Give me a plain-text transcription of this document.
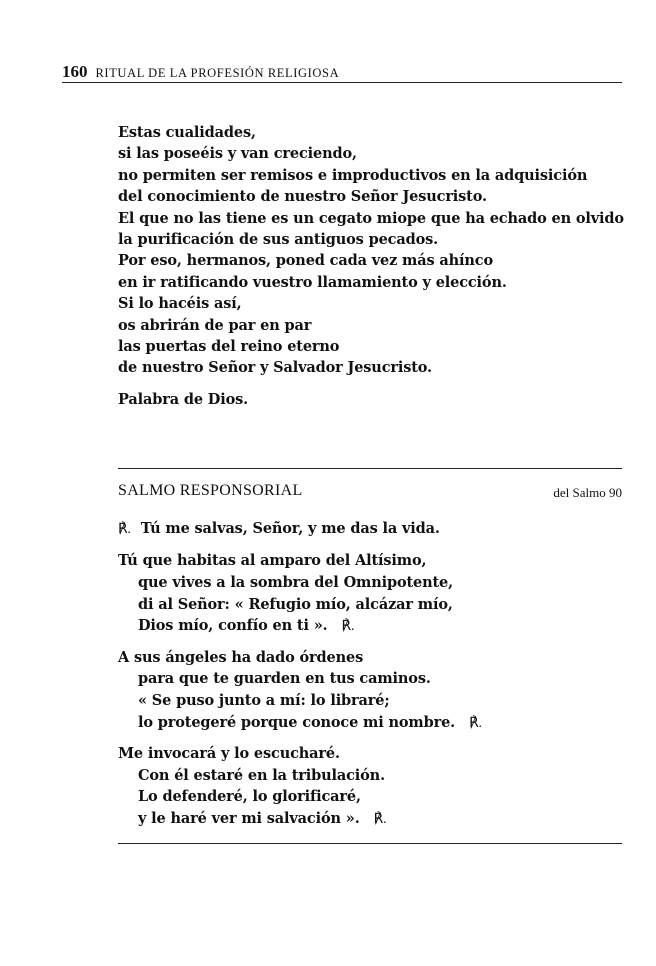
160 RITUAL DE LA PROFESIÓN RELIGIOSA
Estas cualidades,
si las poseéis y van creciendo,
no permiten ser remisos e improductivos en la adquisición
del conocimiento de nuestro Señor Jesucristo.
El que no las tiene es un cegato miope que ha echado en olvido
la purificación de sus antiguos pecados.
Por eso, hermanos, poned cada vez más ahínco
en ir ratificando vuestro llamamiento y elección.
Si lo hacéis así,
os abrirán de par en par
las puertas del reino eterno
de nuestro Señor y Salvador Jesucristo.
Palabra de Dios.
SALMO RESPONSORIAL	del Salmo 90
℟. Tú me salvas, Señor, y me das la vida.
Tú que habitas al amparo del Altísimo,
que vives a la sombra del Omnipotente,
di al Señor: « Refugio mío, alcázar mío,
Dios mío, confío en ti ». ℟.
A sus ángeles ha dado órdenes
para que te guarden en tus caminos.
« Se puso junto a mí: lo libraré;
lo protegeré porque conoce mi nombre. ℟.
Me invocará y lo escucharé.
Con él estaré en la tribulación.
Lo defenderé, lo glorificaré,
y le haré ver mi salvación ». ℟.
